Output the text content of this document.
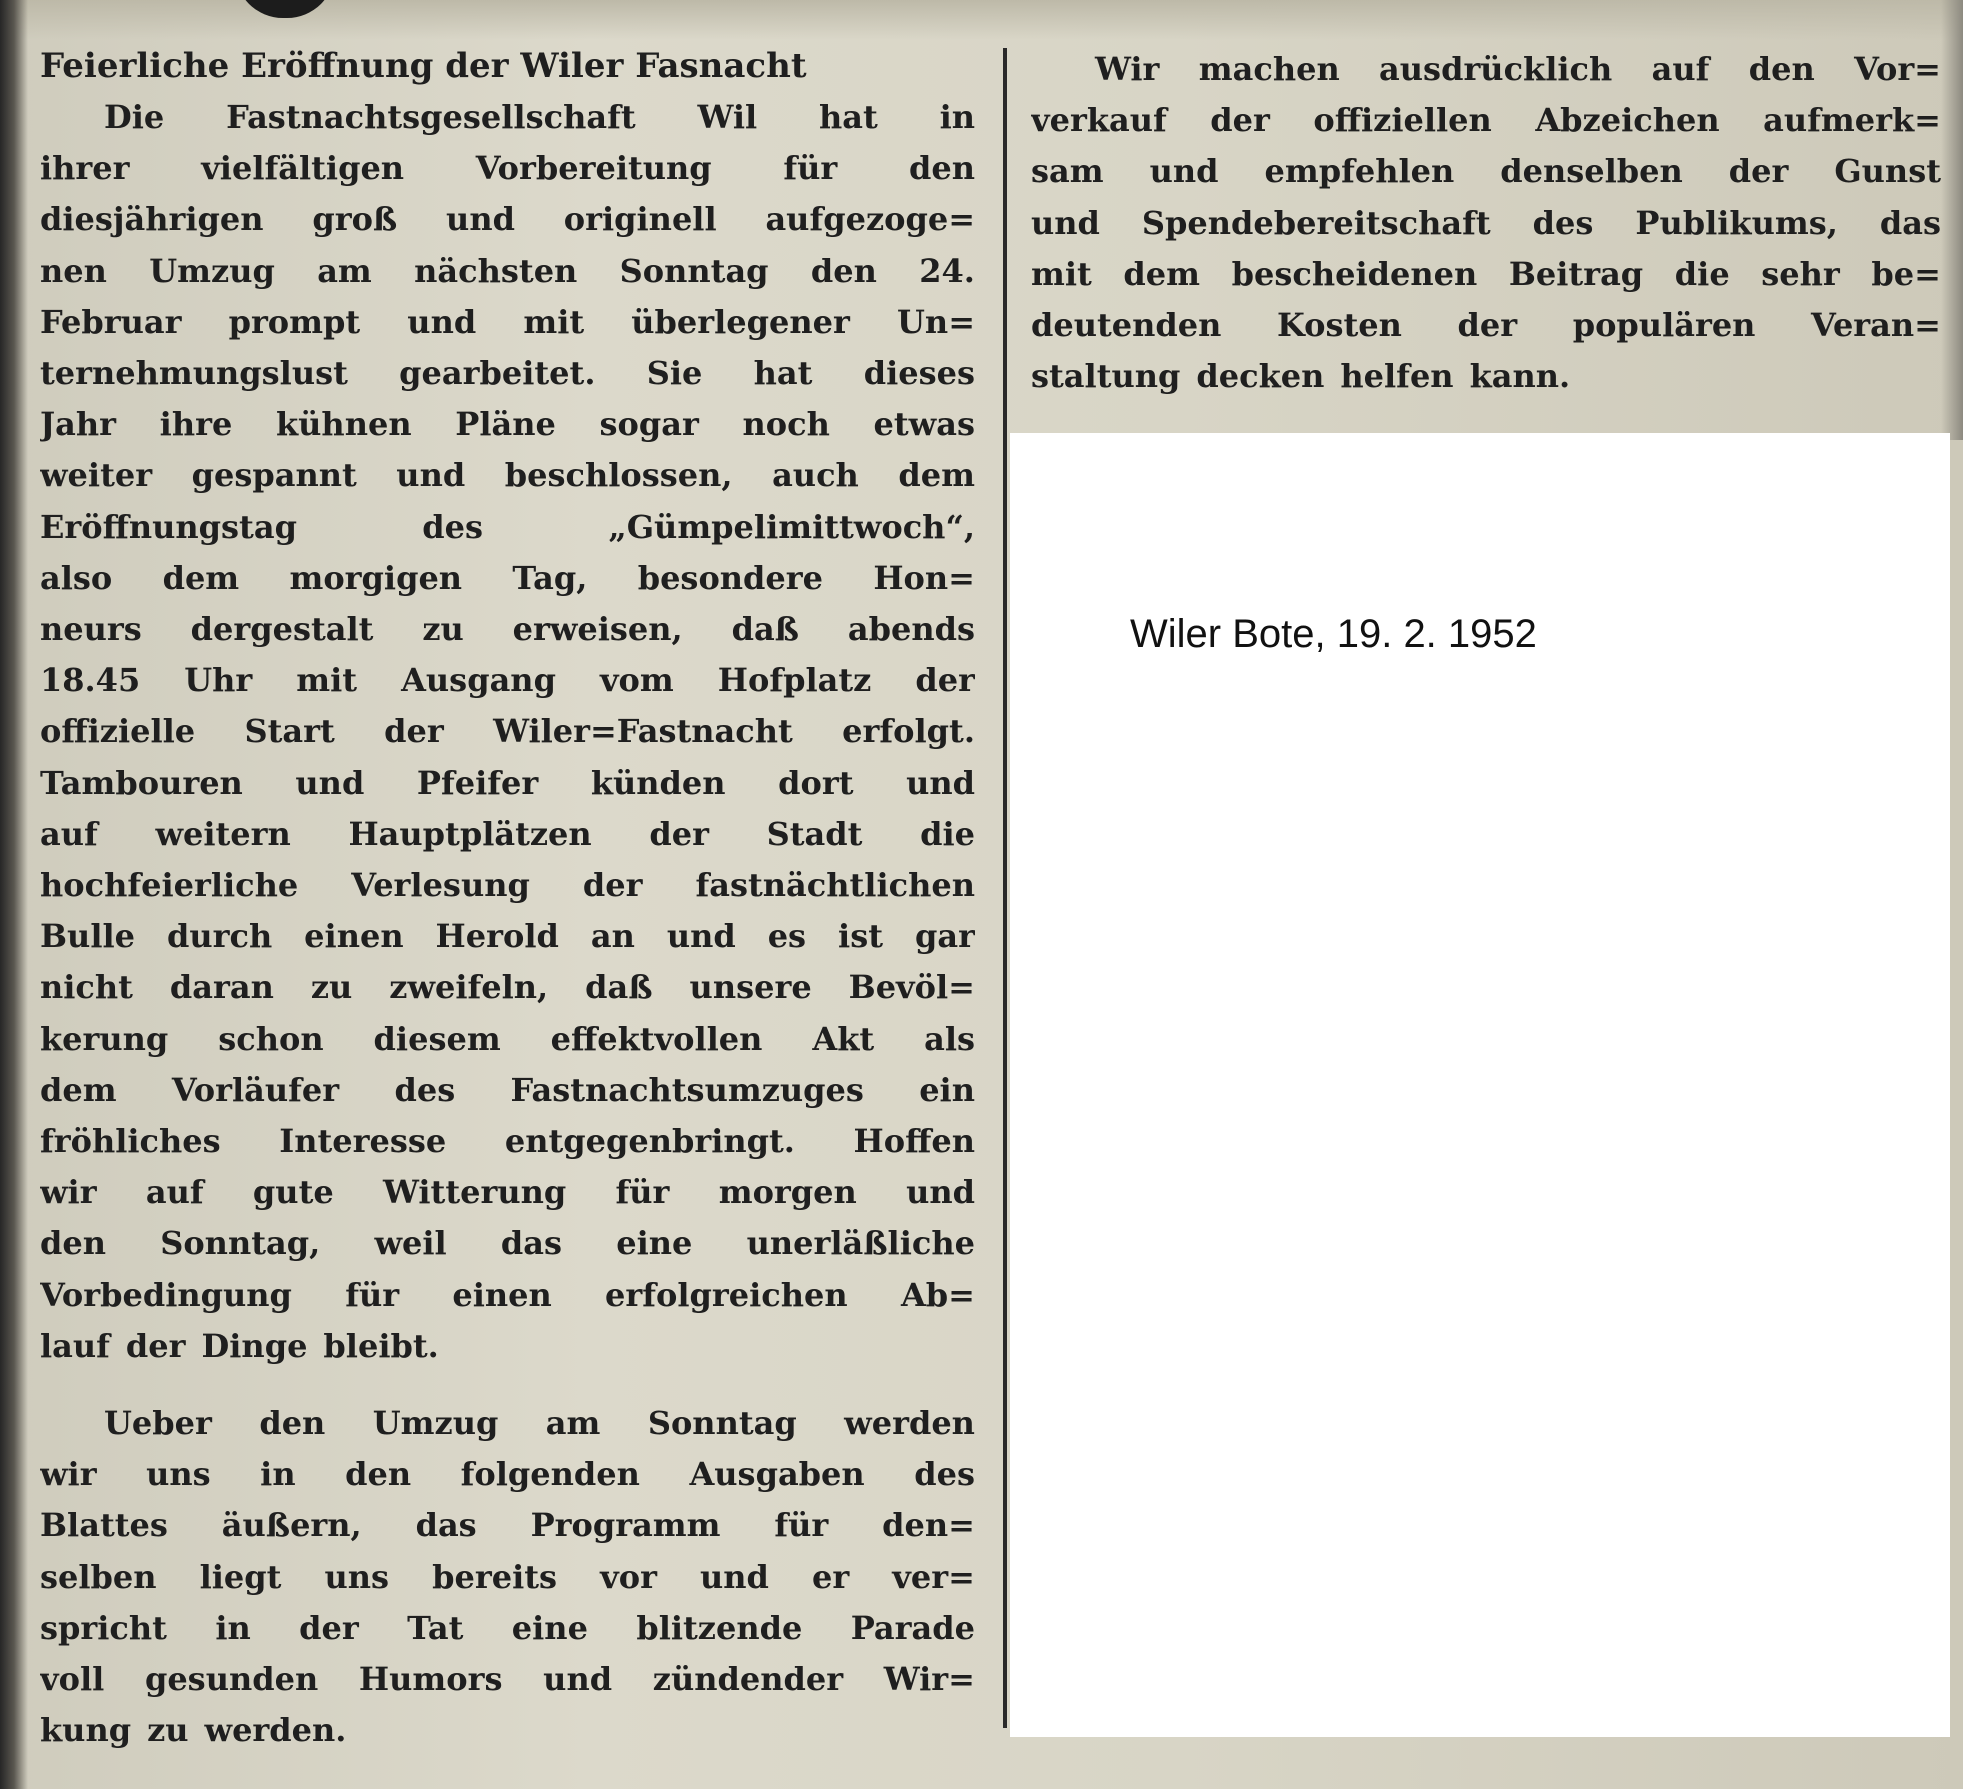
Feierliche Eröffnung der Wiler Fasnacht
Die Fastnachtsgesellschaft Wil hat in
ihrer vielfältigen Vorbereitung für den
diesjährigen groß und originell aufgezoge=
nen Umzug am nächsten Sonntag den 24.
Februar prompt und mit überlegener Un=
ternehmungslust gearbeitet. Sie hat dieses
Jahr ihre kühnen Pläne sogar noch etwas
weiter gespannt und beschlossen, auch dem
Eröffnungstag	des	„Gümpelimittwoch“,
also dem morgigen Tag, besondere Hon=
neurs dergestalt zu erweisen, daß abends
18.45 Uhr mit Ausgang vom Hofplatz der
offizielle Start der Wiler=Fastnacht erfolgt.
Tambouren und Pfeifer künden dort und
auf weitern Hauptplätzen der Stadt die
hochfeierliche Verlesung der fastnächtlichen
Bulle durch einen Herold an und es ist gar
nicht daran zu zweifeln, daß unsere Bevöl=
kerung schon diesem effektvollen Akt als
dem Vorläufer des Fastnachtsumzuges ein
fröhliches Interesse entgegenbringt. Hoffen
wir auf gute Witterung für morgen und
den Sonntag, weil das eine unerläßliche
Vorbedingung für einen erfolgreichen Ab=
lauf der Dinge bleibt.
Ueber den Umzug am Sonntag werden
wir uns in den folgenden Ausgaben des
Blattes äußern, das Programm für den=
selben liegt uns bereits vor und er ver=
spricht in der Tat eine blitzende Parade
voll gesunden Humors und zündender Wir=
kung zu werden.
Wir machen ausdrücklich auf den Vor=
verkauf der offiziellen Abzeichen aufmerk=
sam und empfehlen denselben der Gunst
und Spendebereitschaft des Publikums, das
mit dem bescheidenen Beitrag die sehr be=
deutenden Kosten der populären Veran=
staltung decken helfen kann.
Wiler Bote, 19. 2. 1952
